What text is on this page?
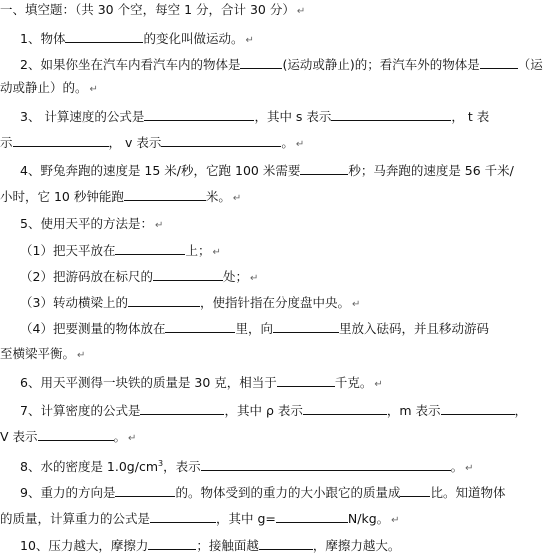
一、填空题：（共 30 个空，每空 1 分，合计 30 分） ↵
1、物体	的变化叫做运动。 ↵
2、如果你坐在汽车内看汽车内的物体是	(运动或静止)的；看汽车外的物体是	（运
动或静止）的。 ↵
3、 计算速度的公式是	，其中 s 表示	， t 表
示	， v 表示	。 ↵
4、野兔奔跑的速度是 15 米/秒，它跑 100 米需要	秒；马奔跑的速度是 56 千米/
小时，它 10 秒钟能跑	米。 ↵
5、使用天平的方法是： ↵
（1）把天平放在	上； ↵
（2）把游码放在标尺的	处； ↵
（3）转动横梁上的	，使指针指在分度盘中央。 ↵
（4）把要测量的物体放在	里，向	里放入砝码，并且移动游码
至横梁平衡。 ↵
6、用天平测得一块铁的质量是 30 克，相当于	千克。 ↵
7、计算密度的公式是	，其中 ρ 表示	，m 表示	，
V 表示	。 ↵
8、水的密度是 $1.0g/cm^3$，表示	。 ↵
9、重力的方向是	的。物体受到的重力的大小跟它的质量成 比。知道物体
的质量，计算重力的公式是	，其中 g=	N/kg。 ↵
10、压力越大，摩擦力	；接触面越	，摩擦力越大。
